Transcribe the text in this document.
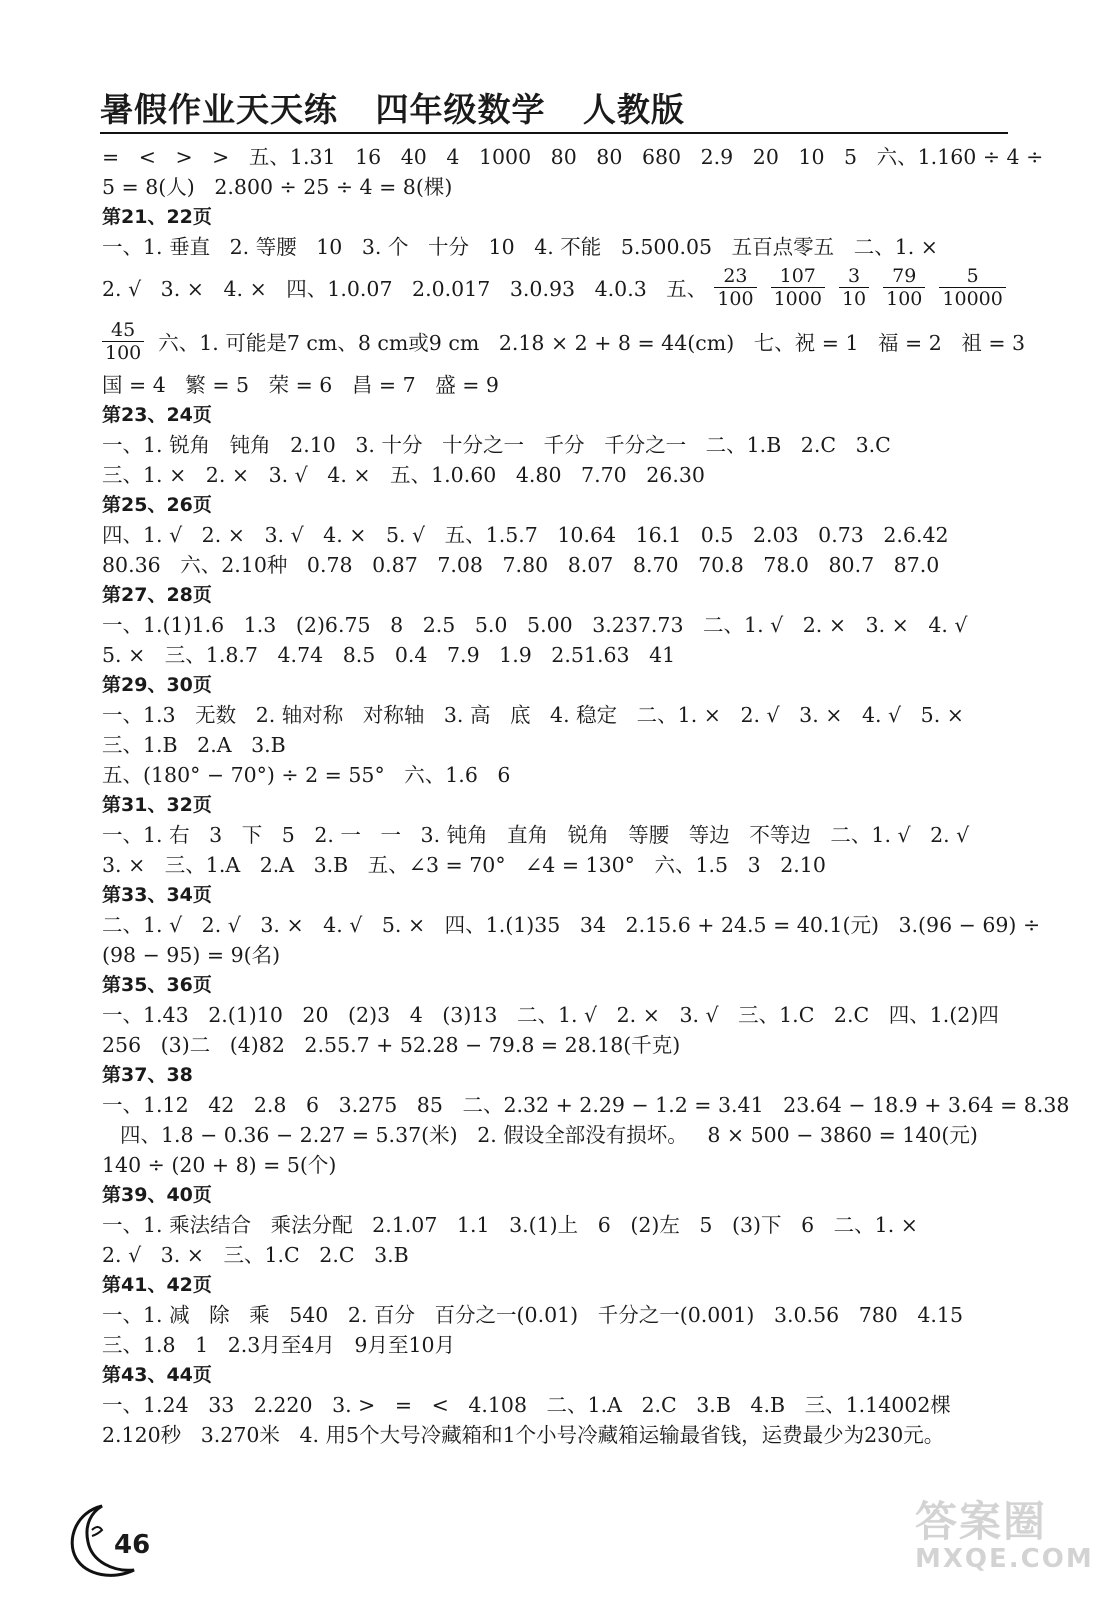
暑假作业天天练   四年级数学   人教版
=   <   >   >   五、1.31   16   40   4   1000   80   80   680   2.9   20   10   5   六、1.160 ÷ 4 ÷
5 = 8(人)   2.800 ÷ 25 ÷ 4 = 8(棵)
第21、22页
一、1. 垂直   2. 等腰   10   3. 个   十分   10   4. 不能   5.500.05   五百点零五   二、1. ×
2. √   3. ×   4. ×   四、1.0.07   2.0.017   3.0.93   4.0.3   五、 $\frac{23}{100} \frac{107}{1000} \frac{3}{10} \frac{79}{100} \frac{5}{10000}$
$\frac{45}{100}$ 六、1. 可能是7 cm、8 cm或9 cm   2.18 × 2 + 8 = 44(cm)   七、祝 = 1   福 = 2   祖 = 3
国 = 4   繁 = 5   荣 = 6   昌 = 7   盛 = 9
第23、24页
一、1. 锐角   钝角   2.10   3. 十分   十分之一   千分   千分之一   二、1.B   2.C   3.C
三、1. ×   2. ×   3. √   4. ×   五、1.0.60   4.80   7.70   26.30
第25、26页
四、1. √   2. ×   3. √   4. ×   5. √   五、1.5.7   10.64   16.1   0.5   2.03   0.73   2.6.42
80.36   六、2.10种   0.78   0.87   7.08   7.80   8.07   8.70   70.8   78.0   80.7   87.0
第27、28页
一、1.(1)1.6   1.3   (2)6.75   8   2.5   5.0   5.00   3.237.73   二、1. √   2. ×   3. ×   4. √
5. ×   三、1.8.7   4.74   8.5   0.4   7.9   1.9   2.51.63   41
第29、30页
一、1.3   无数   2. 轴对称   对称轴   3. 高   底   4. 稳定   二、1. ×   2. √   3. ×   4. √   5. ×
三、1.B   2.A   3.B
五、(180° − 70°) ÷ 2 = 55°   六、1.6   6
第31、32页
一、1. 右   3   下   5   2. 一   一   3. 钝角   直角   锐角   等腰   等边   不等边   二、1. √   2. √
3. ×   三、1.A   2.A   3.B   五、∠3 = 70°   ∠4 = 130°   六、1.5   3   2.10
第33、34页
二、1. √   2. √   3. ×   4. √   5. ×   四、1.(1)35   34   2.15.6 + 24.5 = 40.1(元)   3.(96 − 69) ÷
(98 − 95) = 9(名)
第35、36页
一、1.43   2.(1)10   20   (2)3   4   (3)13   二、1. √   2. ×   3. √   三、1.C   2.C   四、1.(2)四
256   (3)二   (4)82   2.55.7 + 52.28 − 79.8 = 28.18(千克)
第37、38
一、1.12   42   2.8   6   3.275   85   二、2.32 + 2.29 − 1.2 = 3.41   23.64 − 18.9 + 3.64 = 8.38
四、1.8 − 0.36 − 2.27 = 5.37(米)   2. 假设全部没有损坏。   8 × 500 − 3860 = 140(元)
140 ÷ (20 + 8) = 5(个)
第39、40页
一、1. 乘法结合   乘法分配   2.1.07   1.1   3.(1)上   6   (2)左   5   (3)下   6   二、1. ×
2. √   3. ×   三、1.C   2.C   3.B
第41、42页
一、1. 减   除   乘   540   2. 百分   百分之一(0.01)   千分之一(0.001)   3.0.56   780   4.15
三、1.8   1   2.3月至4月   9月至10月
第43、44页
一、1.24   33   2.220   3. >   =   <   4.108   二、1.A   2.C   3.B   4.B   三、1.14002棵
2.120秒   3.270米   4. 用5个大号冷藏箱和1个小号冷藏箱运输最省钱，运费最少为230元。
46	答案圈
MXQE.COM
